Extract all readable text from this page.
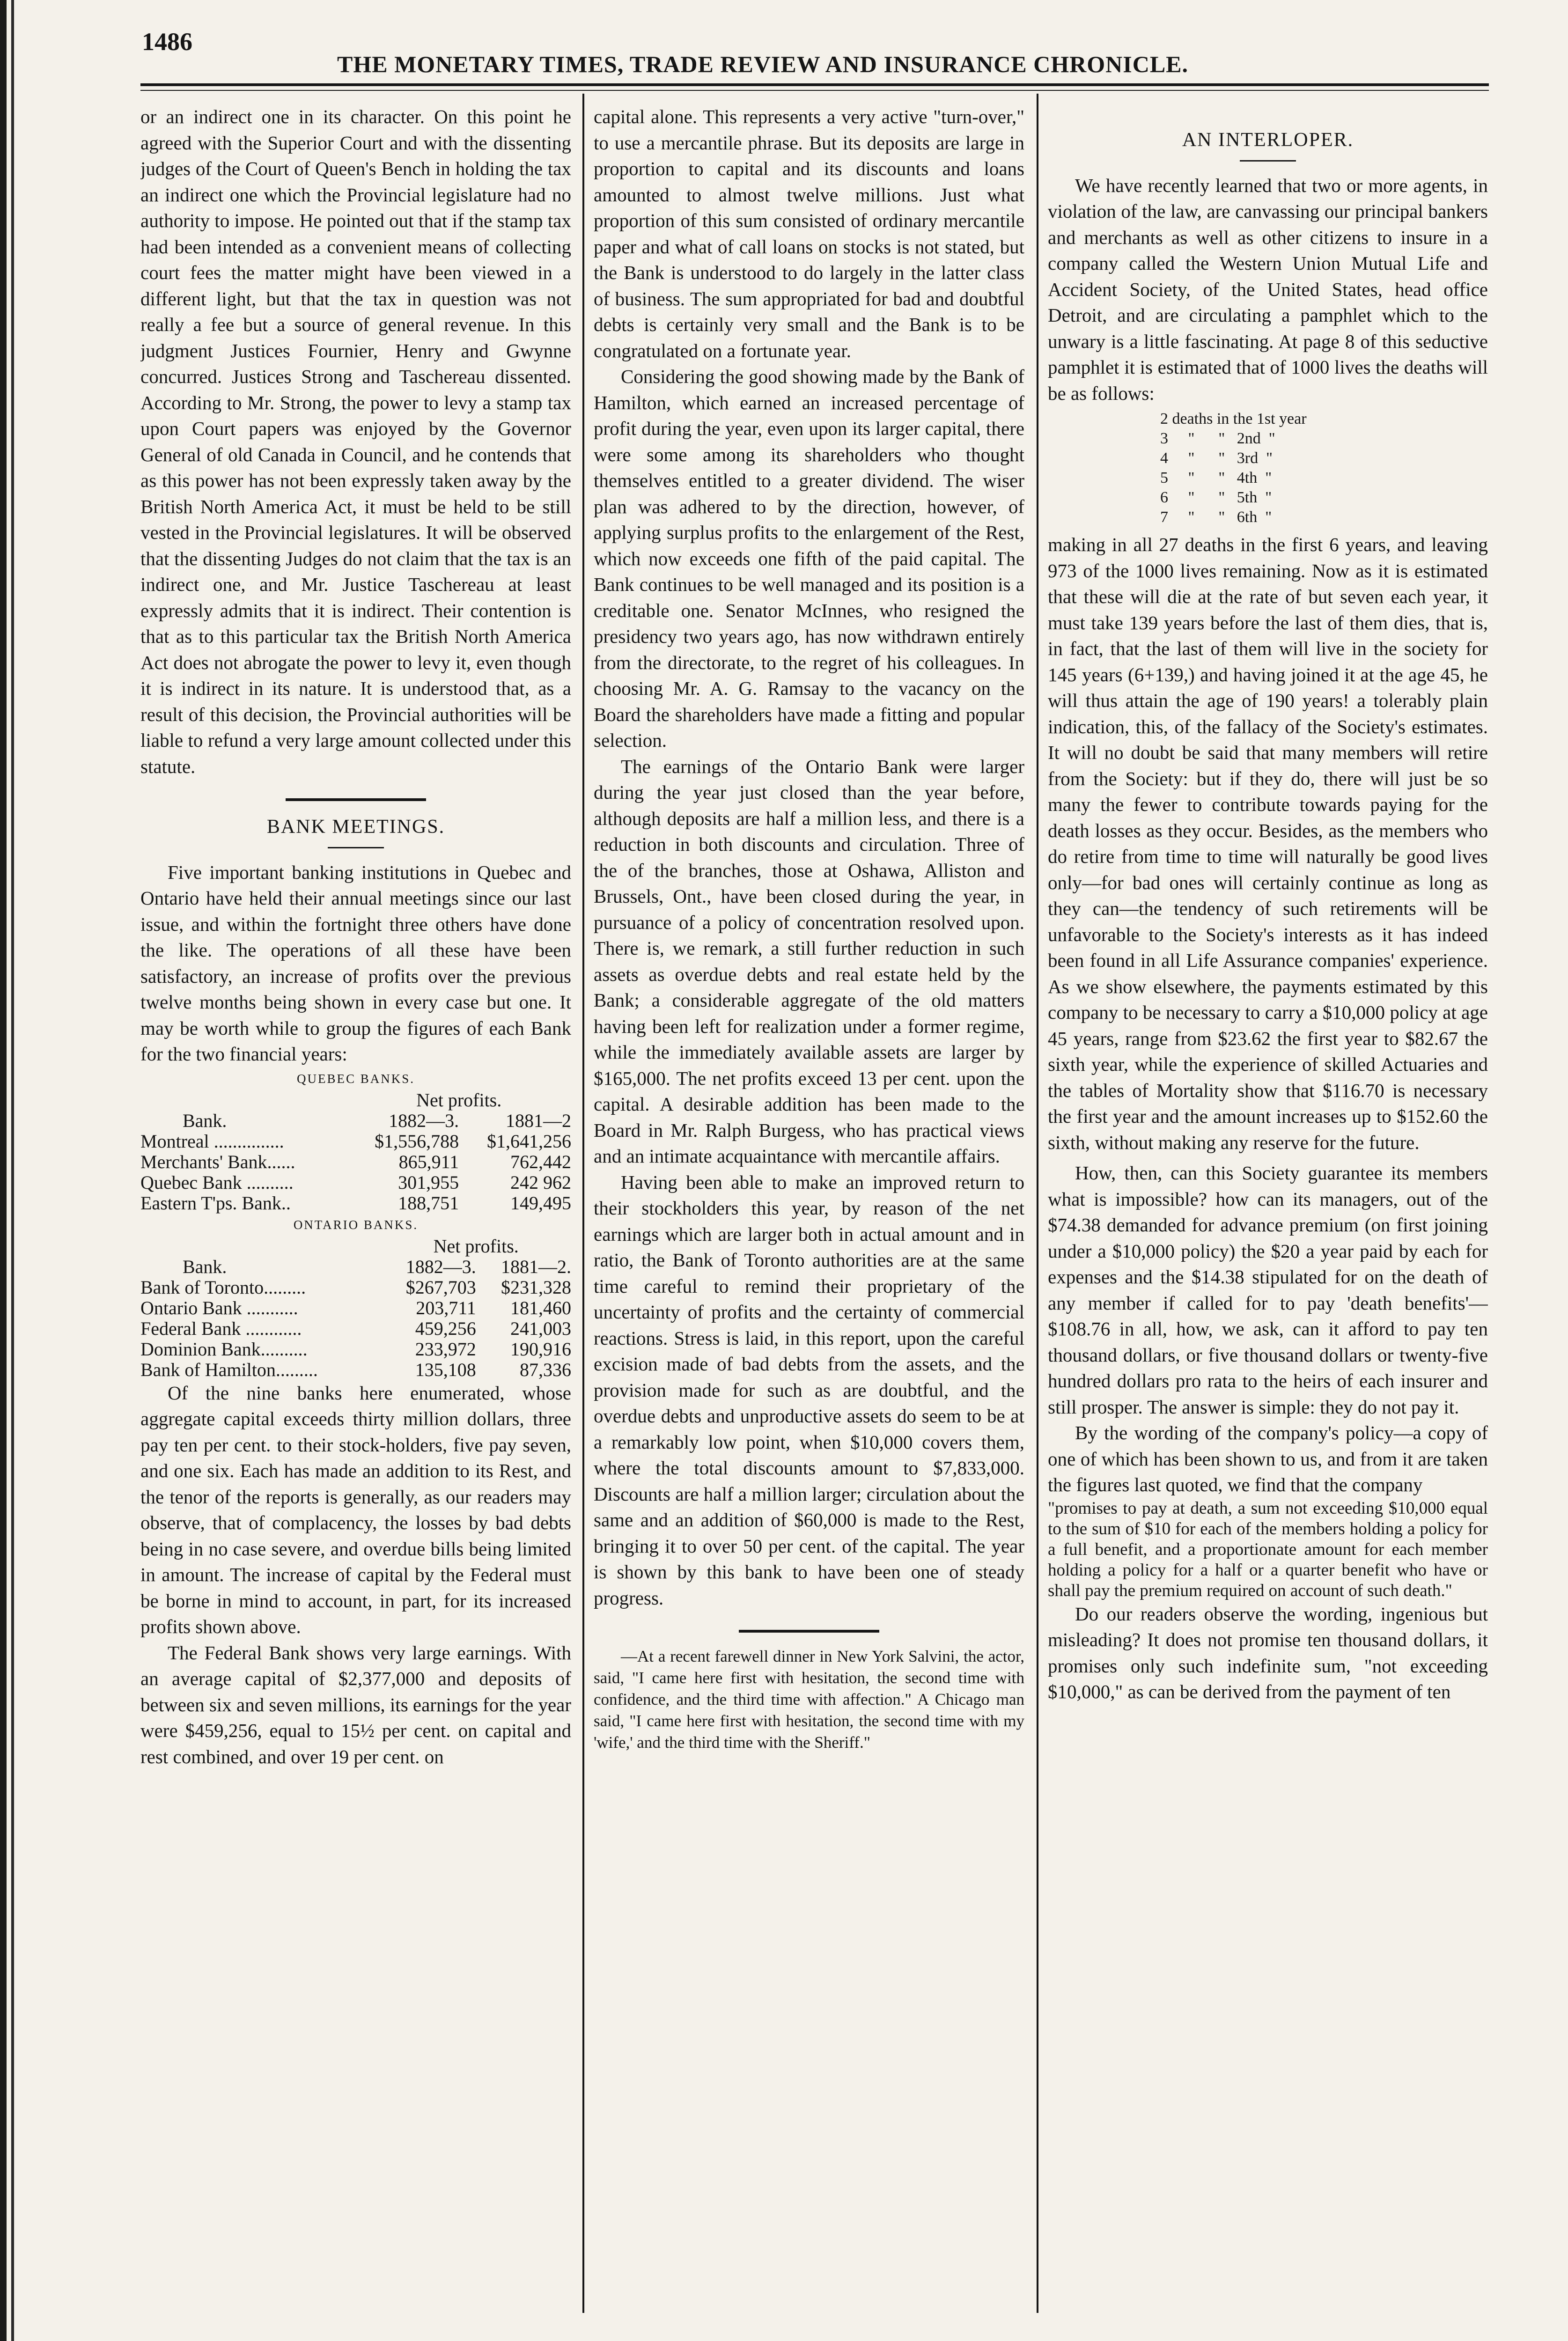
1486
THE MONETARY TIMES, TRADE REVIEW AND INSURANCE CHRONICLE.

or an indirect one in its character. On this point he agreed with the Superior Court and with the dissenting judges of the Court of Queen's Bench in holding the tax an indirect one which the Provincial legislature had no authority to impose. He pointed out that if the stamp tax had been intended as a convenient means of collecting court fees the matter might have been viewed in a different light, but that the tax in question was not really a fee but a source of general revenue. In this judgment Justices Fournier, Henry and Gwynne concurred. Justices Strong and Taschereau dissented. According to Mr. Strong, the power to levy a stamp tax upon Court papers was enjoyed by the Governor General of old Canada in Council, and he contends that as this power has not been expressly taken away by the British North America Act, it must be held to be still vested in the Provincial legislatures. It will be observed that the dissenting Judges do not claim that the tax is an indirect one, and Mr. Justice Taschereau at least expressly admits that it is indirect. Their contention is that as to this particular tax the British North America Act does not abrogate the power to levy it, even though it is indirect in its nature. It is understood that, as a result of this decision, the Provincial authorities will be liable to refund a very large amount collected under this statute.

BANK MEETINGS.

Five important banking institutions in Quebec and Ontario have held their annual meetings since our last issue, and within the fortnight three others have done the like. The operations of all these have been satisfactory, an increase of profits over the previous twelve months being shown in every case but one. It may be worth while to group the figures of each Bank for the two financial years:

QUEBEC BANKS.
	Net profits.	
Bank.	1882—3.	1881—2
Montreal ...............	$1,556,788	$1,641,256
Merchants' Bank......	865,911	762,442
Quebec Bank ..........	301,955	242 962
Eastern T'ps. Bank..	188,751	149,495
ONTARIO BANKS.
	Net profits.	
Bank.	1882—3.	1881—2.
Bank of Toronto.........	$267,703	$231,328
Ontario Bank ...........	203,711	181,460
Federal Bank ............	459,256	241,003
Dominion Bank..........	233,972	190,916
Bank of Hamilton.........	135,108	87,336

Of the nine banks here enumerated, whose aggregate capital exceeds thirty million dollars, three pay ten per cent. to their stock-holders, five pay seven, and one six. Each has made an addition to its Rest, and the tenor of the reports is generally, as our readers may observe, that of complacency, the losses by bad debts being in no case severe, and overdue bills being limited in amount. The increase of capital by the Federal must be borne in mind to account, in part, for its increased profits shown above.

The Federal Bank shows very large earnings. With an average capital of $2,377,000 and deposits of between six and seven millions, its earnings for the year were $459,256, equal to 15½ per cent. on capital and rest combined, and over 19 per cent. on

capital alone. This represents a very active "turn-over," to use a mercantile phrase. But its deposits are large in proportion to capital and its discounts and loans amounted to almost twelve millions. Just what proportion of this sum consisted of ordinary mercantile paper and what of call loans on stocks is not stated, but the Bank is understood to do largely in the latter class of business. The sum appropriated for bad and doubtful debts is certainly very small and the Bank is to be congratulated on a fortunate year.

Considering the good showing made by the Bank of Hamilton, which earned an increased percentage of profit during the year, even upon its larger capital, there were some among its shareholders who thought themselves entitled to a greater dividend. The wiser plan was adhered to by the direction, however, of applying surplus profits to the enlargement of the Rest, which now exceeds one fifth of the paid capital. The Bank continues to be well managed and its position is a creditable one. Senator McInnes, who resigned the presidency two years ago, has now withdrawn entirely from the directorate, to the regret of his colleagues. In choosing Mr. A. G. Ramsay to the vacancy on the Board the shareholders have made a fitting and popular selection.

The earnings of the Ontario Bank were larger during the year just closed than the year before, although deposits are half a million less, and there is a reduction in both discounts and circulation. Three of the of the branches, those at Oshawa, Alliston and Brussels, Ont., have been closed during the year, in pursuance of a policy of concentration resolved upon. There is, we remark, a still further reduction in such assets as overdue debts and real estate held by the Bank; a considerable aggregate of the old matters having been left for realization under a former regime, while the immediately available assets are larger by $165,000. The net profits exceed 13 per cent. upon the capital. A desirable addition has been made to the Board in Mr. Ralph Burgess, who has practical views and an intimate acquaintance with mercantile affairs.

Having been able to make an improved return to their stockholders this year, by reason of the net earnings which are larger both in actual amount and in ratio, the Bank of Toronto authorities are at the same time careful to remind their proprietary of the uncertainty of profits and the certainty of commercial reactions. Stress is laid, in this report, upon the careful excision made of bad debts from the assets, and the provision made for such as are doubtful, and the overdue debts and unproductive assets do seem to be at a remarkably low point, when $10,000 covers them, where the total discounts amount to $7,833,000. Discounts are half a million larger; circulation about the same and an addition of $60,000 is made to the Rest, bringing it to over 50 per cent. of the capital. The year is shown by this bank to have been one of steady progress.

—At a recent farewell dinner in New York Salvini, the actor, said, "I came here first with hesitation, the second time with confidence, and the third time with affection." A Chicago man said, "I came here first with hesitation, the second time with my 'wife,' and the third time with the Sheriff."

AN INTERLOPER.

We have recently learned that two or more agents, in violation of the law, are canvassing our principal bankers and merchants as well as other citizens to insure in a company called the Western Union Mutual Life and Accident Society, of the United States, head office Detroit, and are circulating a pamphlet which to the unwary is a little fascinating. At page 8 of this seductive pamphlet it is estimated that of 1000 lives the deaths will be as follows:

2 deaths in the 1st year
3     "      "   2nd  "
4     "      "   3rd  "
5     "      "   4th  "
6     "      "   5th  "
7     "      "   6th  "

making in all 27 deaths in the first 6 years, and leaving 973 of the 1000 lives remaining. Now as it is estimated that these will die at the rate of but seven each year, it must take 139 years before the last of them dies, that is, in fact, that the last of them will live in the society for 145 years (6+139,) and having joined it at the age 45, he will thus attain the age of 190 years! a tolerably plain indication, this, of the fallacy of the Society's estimates. It will no doubt be said that many members will retire from the Society: but if they do, there will just be so many the fewer to contribute towards paying for the death losses as they occur. Besides, as the members who do retire from time to time will naturally be good lives only—for bad ones will certainly continue as long as they can—the tendency of such retirements will be unfavorable to the Society's interests as it has indeed been found in all Life Assurance companies' experience. As we show elsewhere, the payments estimated by this company to be necessary to carry a $10,000 policy at age 45 years, range from $23.62 the first year to $82.67 the sixth year, while the experience of skilled Actuaries and the tables of Mortality show that $116.70 is necessary the first year and the amount increases up to $152.60 the sixth, without making any reserve for the future.

How, then, can this Society guarantee its members what is impossible? how can its managers, out of the $74.38 demanded for advance premium (on first joining under a $10,000 policy) the $20 a year paid by each for expenses and the $14.38 stipulated for on the death of any member if called for to pay 'death benefits'—$108.76 in all, how, we ask, can it afford to pay ten thousand dollars, or five thousand dollars or twenty-five hundred dollars pro rata to the heirs of each insurer and still prosper. The answer is simple: they do not pay it.

By the wording of the company's policy—a copy of one of which has been shown to us, and from it are taken the figures last quoted, we find that the company

"promises to pay at death, a sum not exceeding $10,000 equal to the sum of $10 for each of the members holding a policy for a full benefit, and a proportionate amount for each member holding a policy for a half or a quarter benefit who have or shall pay the premium required on account of such death."

Do our readers observe the wording, ingenious but misleading? It does not promise ten thousand dollars, it promises only such indefinite sum, "not exceeding $10,000," as can be derived from the payment of ten
